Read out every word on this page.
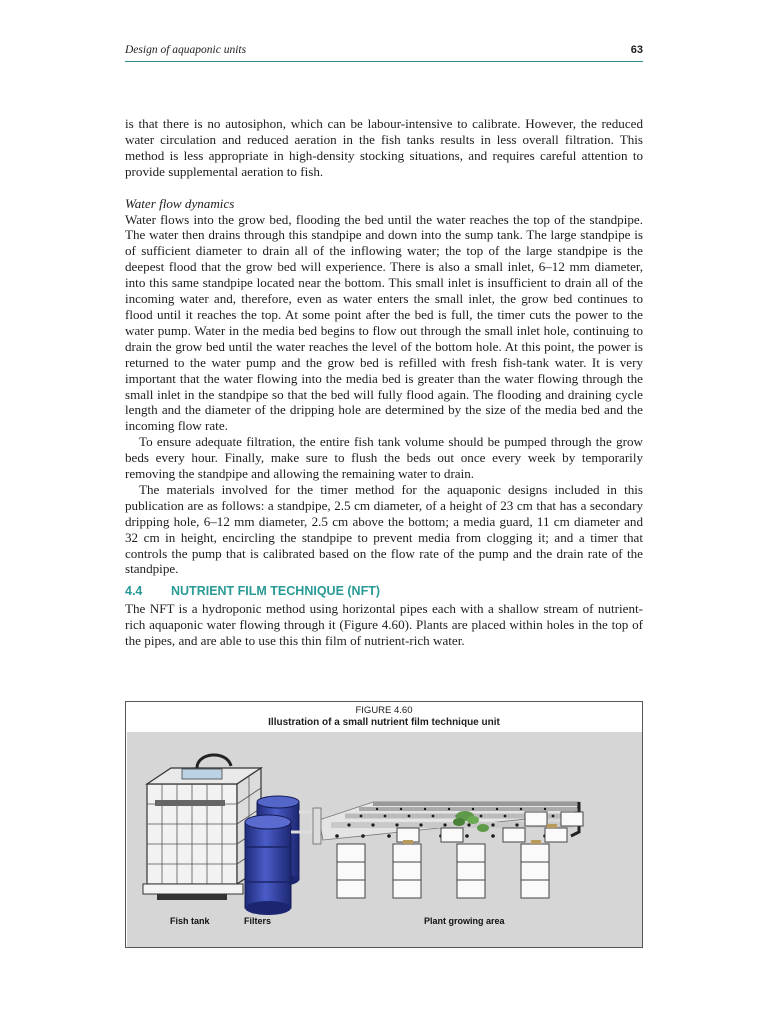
Design of aquaponic units	63

is that there is no autosiphon, which can be labour-intensive to calibrate. However, the reduced water circulation and reduced aeration in the fish tanks results in less overall filtration. This method is less appropriate in high-density stocking situations, and requires careful attention to provide supplemental aeration to fish.

Water flow dynamics

Water flows into the grow bed, flooding the bed until the water reaches the top of the standpipe. The water then drains through this standpipe and down into the sump tank. The large standpipe is of sufficient diameter to drain all of the inflowing water; the top of the large standpipe is the deepest flood that the grow bed will experience. There is also a small inlet, 6–12 mm diameter, into this same standpipe located near the bottom. This small inlet is insufficient to drain all of the incoming water and, therefore, even as water enters the small inlet, the grow bed continues to flood until it reaches the top. At some point after the bed is full, the timer cuts the power to the water pump. Water in the media bed begins to flow out through the small inlet hole, continuing to drain the grow bed until the water reaches the level of the bottom hole. At this point, the power is returned to the water pump and the grow bed is refilled with fresh fish-tank water. It is very important that the water flowing into the media bed is greater than the water flowing through the small inlet in the standpipe so that the bed will fully flood again. The flooding and draining cycle length and the diameter of the dripping hole are determined by the size of the media bed and the incoming flow rate.

To ensure adequate filtration, the entire fish tank volume should be pumped through the grow beds every hour. Finally, make sure to flush the beds out once every week by temporarily removing the standpipe and allowing the remaining water to drain.

The materials involved for the timer method for the aquaponic designs included in this publication are as follows: a standpipe, 2.5 cm diameter, of a height of 23 cm that has a secondary dripping hole, 6–12 mm diameter, 2.5 cm above the bottom; a media guard, 11 cm diameter and 32 cm in height, encircling the standpipe to prevent media from clogging it; and a timer that controls the pump that is calibrated based on the flow rate of the pump and the drain rate of the standpipe.

4.4 NUTRIENT FILM TECHNIQUE (NFT)

The NFT is a hydroponic method using horizontal pipes each with a shallow stream of nutrient-rich aquaponic water flowing through it (Figure 4.60). Plants are placed within holes in the top of the pipes, and are able to use this thin film of nutrient-rich water.

FIGURE 4.60
Illustration of a small nutrient film technique unit
Fish tank	Filters	Plant growing area
